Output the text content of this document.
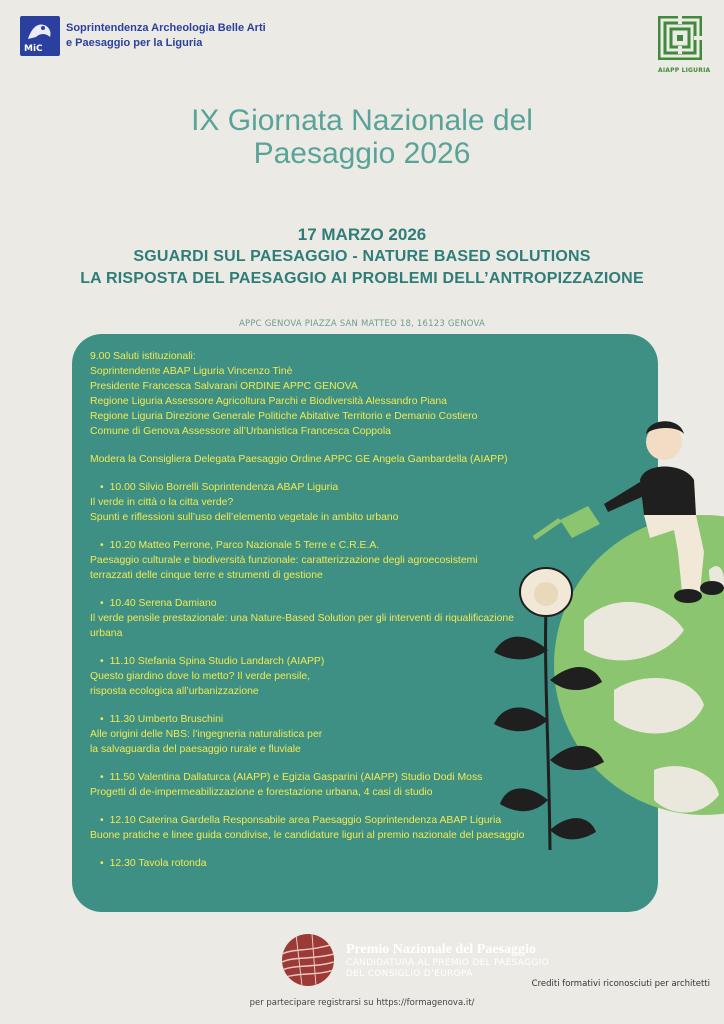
MiC
Soprintendenza Archeologia Belle Arti
e Paesaggio per la Liguria
AIAPP LIGURIA
IX Giornata Nazionale del
Paesaggio 2026
17 MARZO 2026
SGUARDI SUL PAESAGGIO - NATURE BASED SOLUTIONS
LA RISPOSTA DEL PAESAGGIO AI PROBLEMI DELL’ANTROPIZZAZIONE
APPC GENOVA PIAZZA SAN MATTEO 18, 16123 GENOVA
9.00 Saluti istituzionali:
Soprintendente ABAP Liguria Vincenzo Tinè
Presidente Francesca Salvarani ORDINE APPC GENOVA
Regione Liguria Assessore Agricoltura Parchi e Biodiversità Alessandro Piana
Regione Liguria Direzione Generale Politiche Abitative Territorio e Demanio Costiero
Comune di Genova Assessore all’Urbanistica Francesca Coppola
Modera la Consigliera Delegata Paesaggio Ordine APPC GE Angela Gambardella (AIAPP)
• 10.00 Silvio Borrelli Soprintendenza ABAP Liguria
Il verde in città o la citta verde?
Spunti e riflessioni sull’uso dell’elemento vegetale in ambito urbano
• 10.20 Matteo Perrone, Parco Nazionale 5 Terre e C.R.E.A.
Paesaggio culturale e biodiversità funzionale: caratterizzazione degli agroecosistemi
terrazzati delle cinque terre e strumenti di gestione
• 10.40 Serena Damiano
Il verde pensile prestazionale: una Nature-Based Solution per gli interventi di riqualificazione
urbana
• 11.10 Stefania Spina Studio Landarch (AIAPP)
Questo giardino dove lo metto? Il verde pensile,
risposta ecologica all’urbanizzazione
• 11.30 Umberto Bruschini
Alle origini delle NBS: l’ingegneria naturalistica per
la salvaguardia del paesaggio rurale e fluviale
• 11.50 Valentina Dallaturca (AIAPP) e Egizia Gasparini (AIAPP) Studio Dodi Moss
Progetti di de-impermeabilizzazione e forestazione urbana, 4 casi di studio
• 12.10 Caterina Gardella Responsabile area Paesaggio Soprintendenza ABAP Liguria
Buone pratiche e linee guida condivise, le candidature liguri al premio nazionale del paesaggio
• 12.30 Tavola rotonda
Premio Nazionale del Paesaggio
CANDIDATURA AL PREMIO DEL PAESAGGIO
DEL CONSIGLIO D’EUROPA
Crediti formativi riconosciuti per architetti
per partecipare registrarsi su https://formagenova.it/
